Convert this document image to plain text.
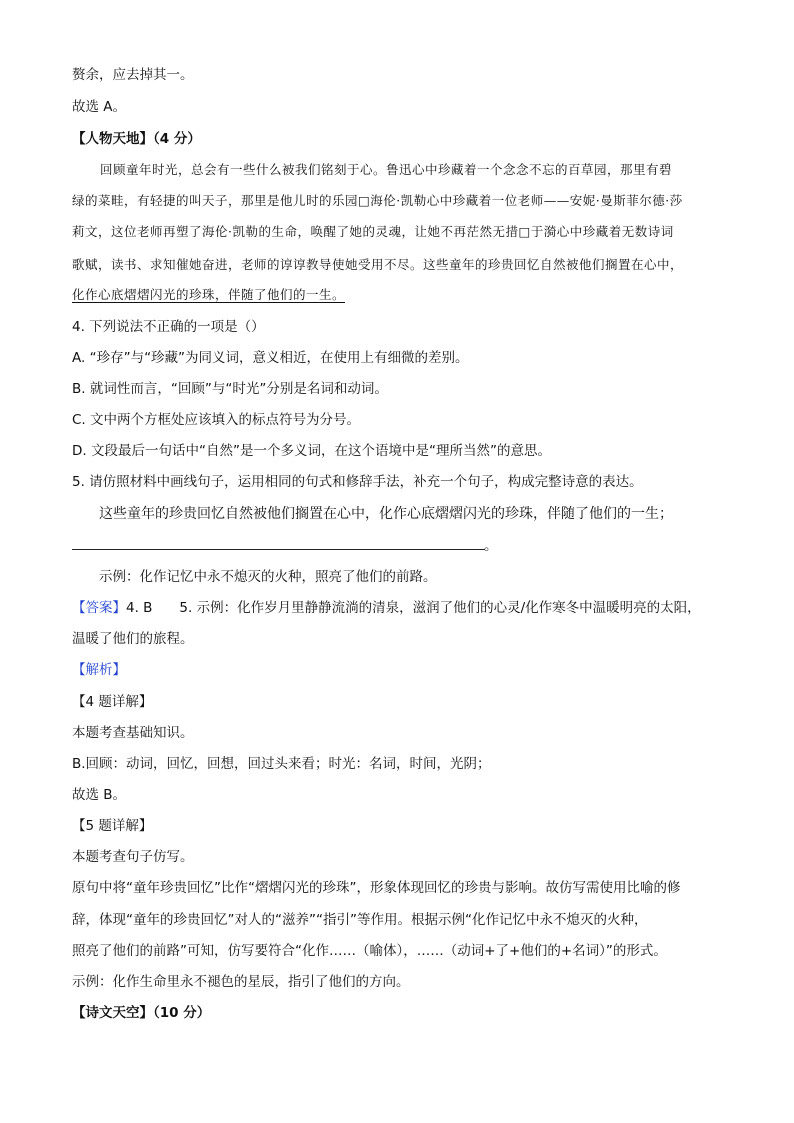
赘余，应去掉其一。
故选 A。
【人物天地】（4 分）
回顾童年时光，总会有一些什么被我们铭刻于心。鲁迅心中珍藏着一个念念不忘的百草园，那里有碧
绿的菜畦，有轻捷的叫天子，那里是他儿时的乐园□海伦·凯勒心中珍藏着一位老师——安妮·曼斯菲尔德·莎
莉文，这位老师再塑了海伦·凯勒的生命，唤醒了她的灵魂，让她不再茫然无措□于漪心中珍藏着无数诗词
歌赋，读书、求知催她奋进，老师的谆谆教导使她受用不尽。这些童年的珍贵回忆自然被他们搁置在心中，
化作心底熠熠闪光的珍珠，伴随了他们的一生。
4. 下列说法不正确的一项是（）
A. “珍存”与“珍藏”为同义词，意义相近，在使用上有细微的差别。
B. 就词性而言，“回顾”与“时光”分别是名词和动词。
C. 文中两个方框处应该填入的标点符号为分号。
D. 文段最后一句话中“自然”是一个多义词，在这个语境中是“理所当然”的意思。
5. 请仿照材料中画线句子，运用相同的句式和修辞手法，补充一个句子，构成完整诗意的表达。
这些童年的珍贵回忆自然被他们搁置在心中，化作心底熠熠闪光的珍珠，伴随了他们的一生；
。
示例：化作记忆中永不熄灭的火种，照亮了他们的前路。
【答案】4. B　　5. 示例：化作岁月里静静流淌的清泉，滋润了他们的心灵/化作寒冬中温暖明亮的太阳，
温暖了他们的旅程。
【解析】
【4 题详解】
本题考查基础知识。
B.回顾：动词，回忆，回想，回过头来看；时光：名词，时间，光阴；
故选 B。
【5 题详解】
本题考查句子仿写。
原句中将“童年珍贵回忆”比作“熠熠闪光的珍珠”，形象体现回忆的珍贵与影响。故仿写需使用比喻的修
辞，体现“童年的珍贵回忆”对人的“滋养”“指引”等作用。根据示例“化作记忆中永不熄灭的火种，
照亮了他们的前路”可知，仿写要符合“化作……（喻体），……（动词+了+他们的+名词）”的形式。
示例：化作生命里永不褪色的星辰，指引了他们的方向。
【诗文天空】（10 分）
